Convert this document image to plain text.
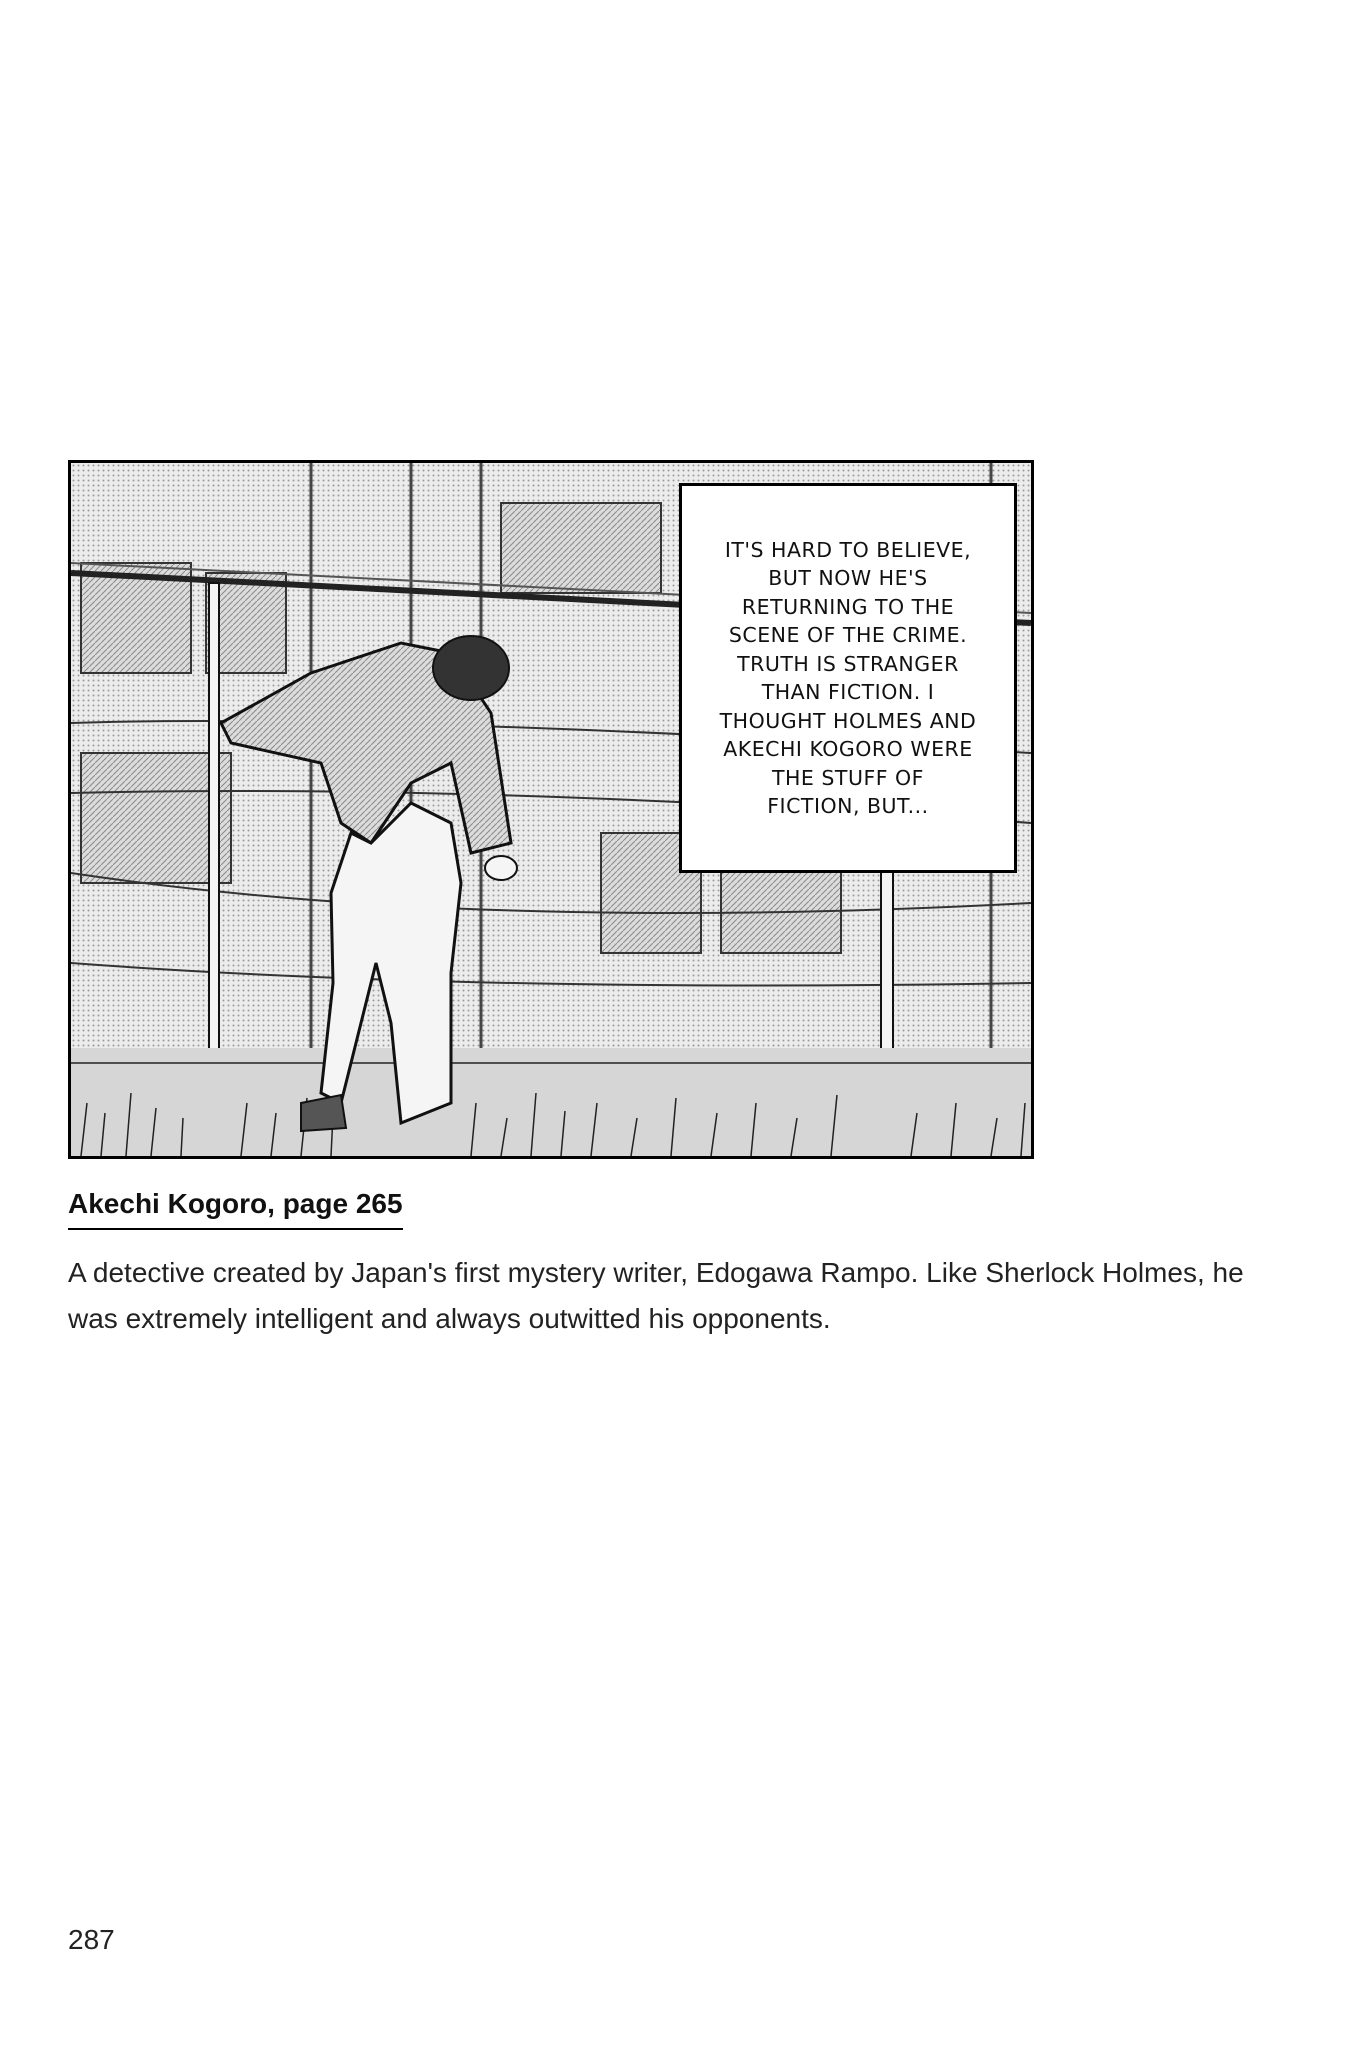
IT'S HARD TO BELIEVE,
BUT NOW HE'S
RETURNING TO THE
SCENE OF THE CRIME.
TRUTH IS STRANGER
THAN FICTION. I
THOUGHT HOLMES AND
AKECHI KOGORO WERE
THE STUFF OF
FICTION, BUT...
Akechi Kogoro, page 265

A detective created by Japan's first mystery writer, Edogawa Rampo. Like Sherlock Holmes, he was extremely intelligent and always outwitted his opponents.

287
